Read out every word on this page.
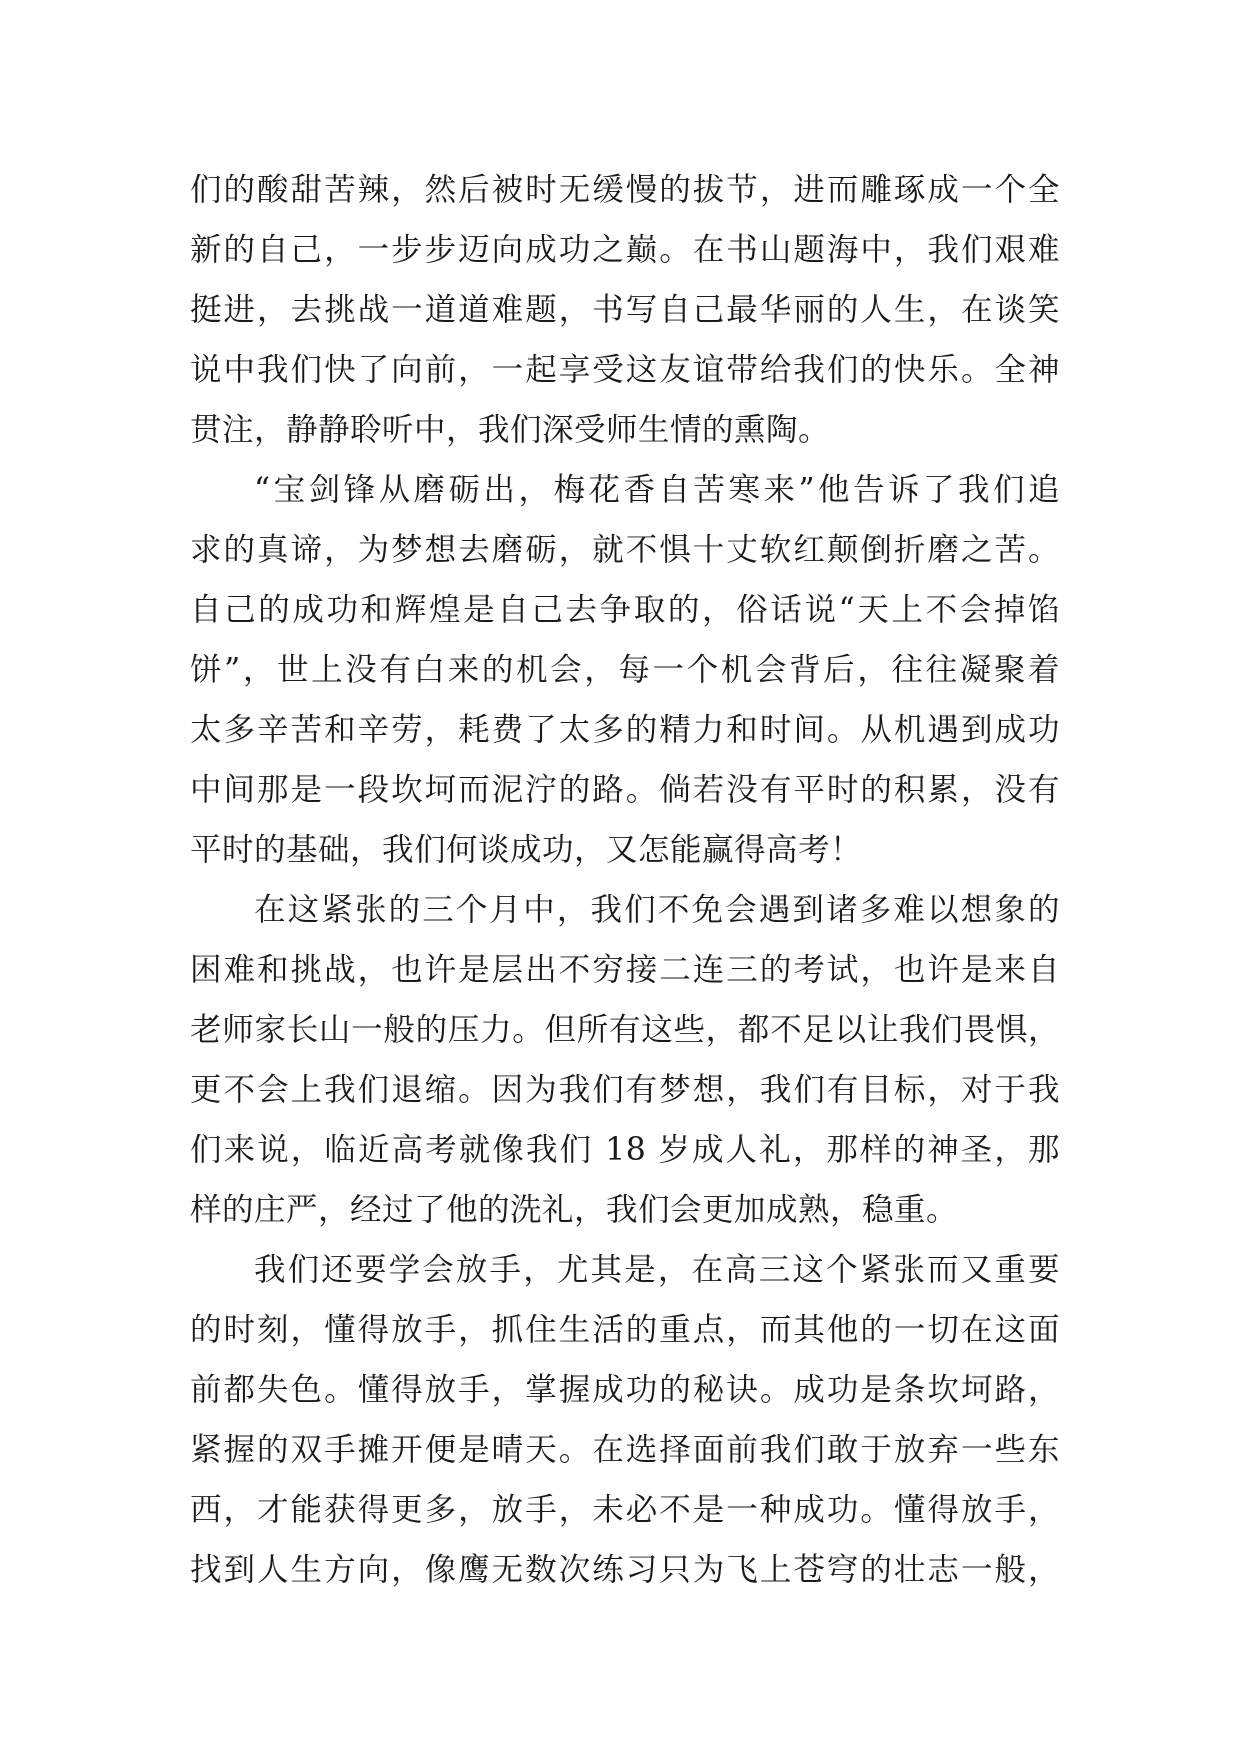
们的酸甜苦辣，然后被时无缓慢的拔节，进而雕琢成一个全
新的自己，一步步迈向成功之巅。在书山题海中，我们艰难
挺进，去挑战一道道难题，书写自己最华丽的人生，在谈笑
说中我们快了向前，一起享受这友谊带给我们的快乐。全神
贯注，静静聆听中，我们深受师生情的熏陶。
“宝剑锋从磨砺出，梅花香自苦寒来”他告诉了我们追
求的真谛，为梦想去磨砺，就不惧十丈软红颠倒折磨之苦。
自己的成功和辉煌是自己去争取的，俗话说“天上不会掉馅
饼”，世上没有白来的机会，每一个机会背后，往往凝聚着
太多辛苦和辛劳，耗费了太多的精力和时间。从机遇到成功
中间那是一段坎坷而泥泞的路。倘若没有平时的积累，没有
平时的基础，我们何谈成功，又怎能赢得高考！
在这紧张的三个月中，我们不免会遇到诸多难以想象的
困难和挑战，也许是层出不穷接二连三的考试，也许是来自
老师家长山一般的压力。但所有这些，都不足以让我们畏惧，
更不会上我们退缩。因为我们有梦想，我们有目标，对于我
们来说，临近高考就像我们 18 岁成人礼，那样的神圣，那
样的庄严，经过了他的洗礼，我们会更加成熟，稳重。
我们还要学会放手，尤其是，在高三这个紧张而又重要
的时刻，懂得放手，抓住生活的重点，而其他的一切在这面
前都失色。懂得放手，掌握成功的秘诀。成功是条坎坷路，
紧握的双手摊开便是晴天。在选择面前我们敢于放弃一些东
西，才能获得更多，放手，未必不是一种成功。懂得放手，
找到人生方向，像鹰无数次练习只为飞上苍穹的壮志一般，
